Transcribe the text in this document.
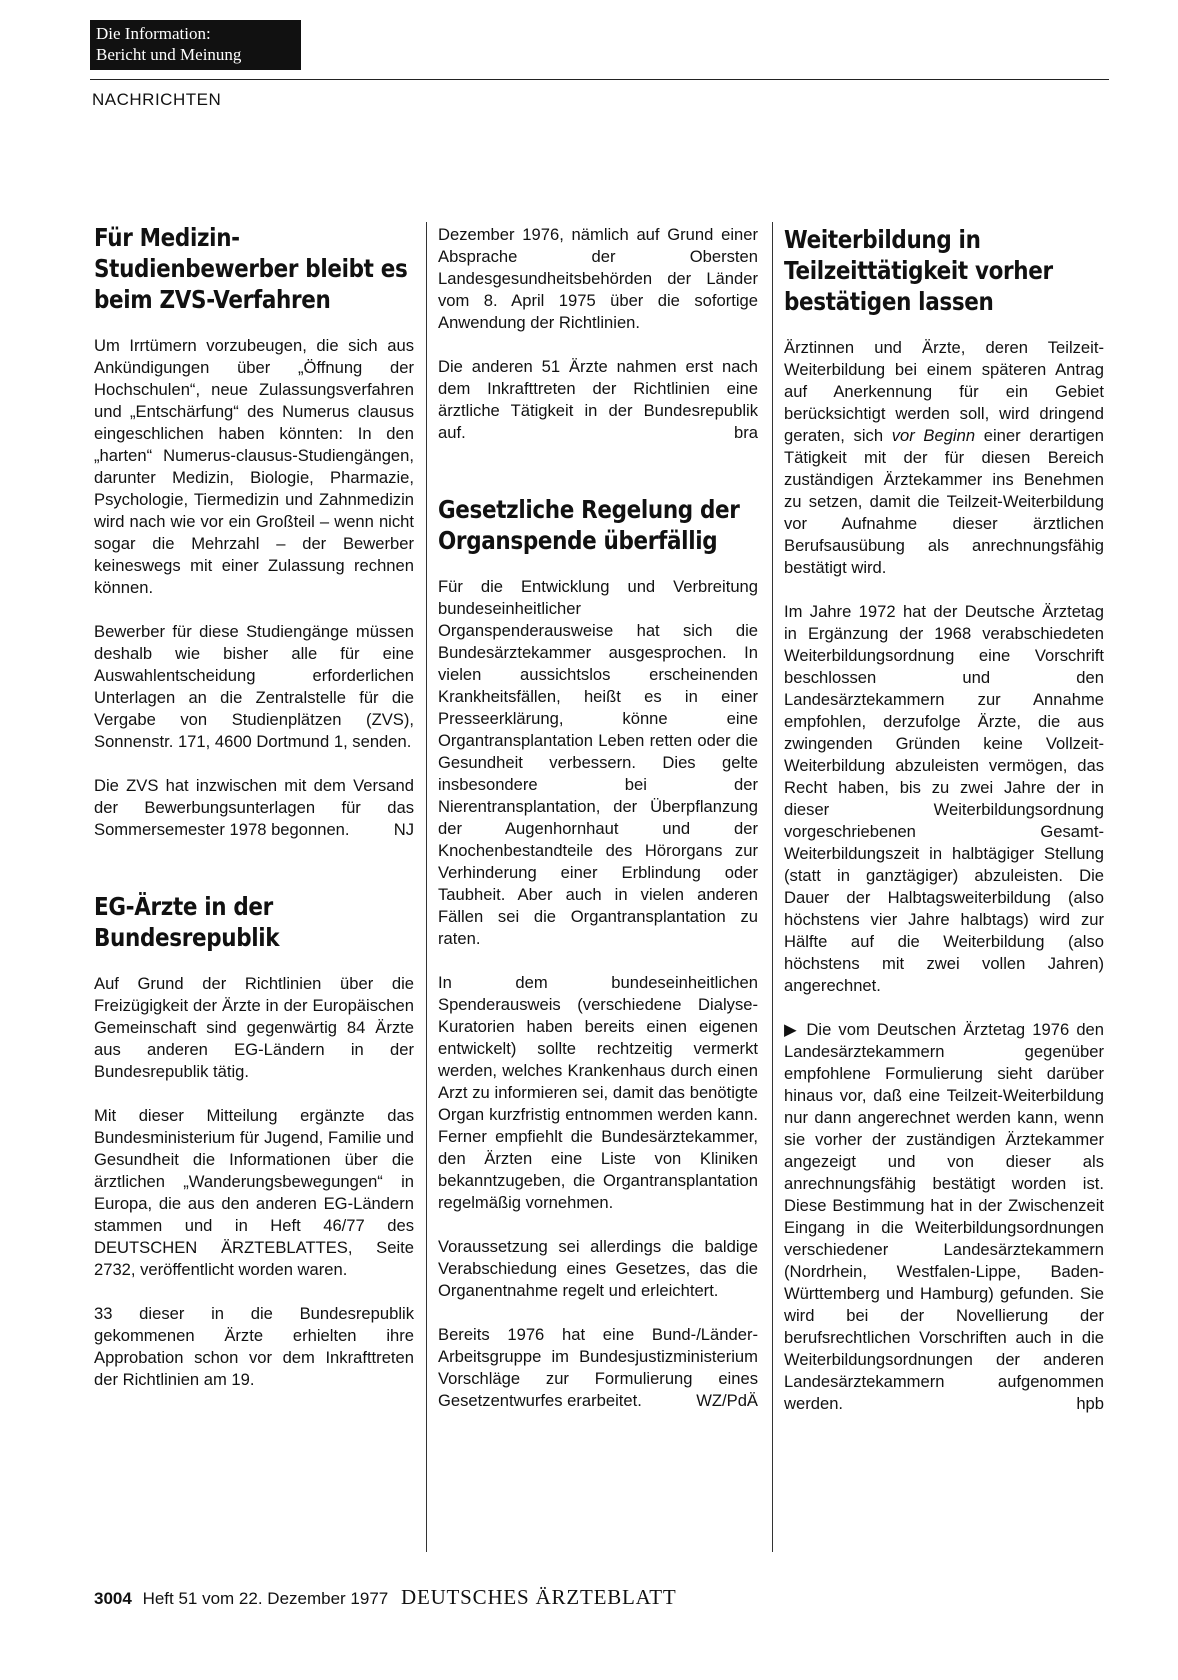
Die Information:
Bericht und Meinung
NACHRICHTEN
Für Medizin-Studienbewerber bleibt es beim ZVS-Verfahren

Um Irrtümern vorzubeugen, die sich aus Ankündigungen über „Öffnung der Hochschulen“, neue Zulassungsverfahren und „Entschärfung“ des Numerus clausus eingeschlichen haben könnten: In den „harten“ Numerus-clausus-Studiengängen, darunter Medizin, Biologie, Pharmazie, Psychologie, Tiermedizin und Zahnmedizin wird nach wie vor ein Großteil – wenn nicht sogar die Mehrzahl – der Bewerber keineswegs mit einer Zulassung rechnen können.

Bewerber für diese Studiengänge müssen deshalb wie bisher alle für eine Auswahlentscheidung erforderlichen Unterlagen an die Zentralstelle für die Vergabe von Studienplätzen (ZVS), Sonnenstr. 171, 4600 Dortmund 1, senden.

Die ZVS hat inzwischen mit dem Versand der Bewerbungsunterlagen für das Sommersemester 1978 begonnen.	NJ

EG-Ärzte in der Bundesrepublik

Auf Grund der Richtlinien über die Freizügigkeit der Ärzte in der Europäischen Gemeinschaft sind gegenwärtig 84 Ärzte aus anderen EG-Ländern in der Bundesrepublik tätig.

Mit dieser Mitteilung ergänzte das Bundesministerium für Jugend, Familie und Gesundheit die Informationen über die ärztlichen „Wanderungsbewegungen“ in Europa, die aus den anderen EG-Ländern stammen und in Heft 46/77 des DEUTSCHEN ÄRZTEBLATTES, Seite 2732, veröffentlicht worden waren.

33 dieser in die Bundesrepublik gekommenen Ärzte erhielten ihre Approbation schon vor dem Inkrafttreten der Richtlinien am 19.

Dezember 1976, nämlich auf Grund einer Absprache der Obersten Landesgesundheitsbehörden der Länder vom 8. April 1975 über die sofortige Anwendung der Richtlinien.

Die anderen 51 Ärzte nahmen erst nach dem Inkrafttreten der Richtlinien eine ärztliche Tätigkeit in der Bundesrepublik auf.	bra

Gesetzliche Regelung der Organspende überfällig

Für die Entwicklung und Verbreitung bundeseinheitlicher Organspenderausweise hat sich die Bundesärztekammer ausgesprochen. In vielen aussichtslos erscheinenden Krankheitsfällen, heißt es in einer Presseerklärung, könne eine Organtransplantation Leben retten oder die Gesundheit verbessern. Dies gelte insbesondere bei der Nierentransplantation, der Überpflanzung der Augenhornhaut und der Knochenbestandteile des Hörorgans zur Verhinderung einer Erblindung oder Taubheit. Aber auch in vielen anderen Fällen sei die Organtransplantation zu raten.

In dem bundeseinheitlichen Spenderausweis (verschiedene Dialyse-Kuratorien haben bereits einen eigenen entwickelt) sollte rechtzeitig vermerkt werden, welches Krankenhaus durch einen Arzt zu informieren sei, damit das benötigte Organ kurzfristig entnommen werden kann. Ferner empfiehlt die Bundesärztekammer, den Ärzten eine Liste von Kliniken bekanntzugeben, die Organtransplantation regelmäßig vornehmen.

Voraussetzung sei allerdings die baldige Verabschiedung eines Gesetzes, das die Organentnahme regelt und erleichtert.

Bereits 1976 hat eine Bund-/Länder-Arbeitsgruppe im Bundesjustizministerium Vorschläge zur Formulierung eines Gesetzentwurfes erarbeitet.	WZ/PdÄ

Weiterbildung in Teilzeittätigkeit vorher bestätigen lassen

Ärztinnen und Ärzte, deren Teilzeit-Weiterbildung bei einem späteren Antrag auf Anerkennung für ein Gebiet berücksichtigt werden soll, wird dringend geraten, sich vor Beginn einer derartigen Tätigkeit mit der für diesen Bereich zuständigen Ärztekammer ins Benehmen zu setzen, damit die Teilzeit-Weiterbildung vor Aufnahme dieser ärztlichen Berufsausübung als anrechnungsfähig bestätigt wird.

Im Jahre 1972 hat der Deutsche Ärztetag in Ergänzung der 1968 verabschiedeten Weiterbildungsordnung eine Vorschrift beschlossen und den Landesärztekammern zur Annahme empfohlen, derzufolge Ärzte, die aus zwingenden Gründen keine Vollzeit-Weiterbildung abzuleisten vermögen, das Recht haben, bis zu zwei Jahre der in dieser Weiterbildungsordnung vorgeschriebenen Gesamt-Weiterbildungszeit in halbtägiger Stellung (statt in ganztägiger) abzuleisten. Die Dauer der Halbtagsweiterbildung (also höchstens vier Jahre halbtags) wird zur Hälfte auf die Weiterbildung (also höchstens mit zwei vollen Jahren) angerechnet.

▶ Die vom Deutschen Ärztetag 1976 den Landesärztekammern gegenüber empfohlene Formulierung sieht darüber hinaus vor, daß eine Teilzeit-Weiterbildung nur dann angerechnet werden kann, wenn sie vorher der zuständigen Ärztekammer angezeigt und von dieser als anrechnungsfähig bestätigt worden ist. Diese Bestimmung hat in der Zwischenzeit Eingang in die Weiterbildungsordnungen verschiedener Landesärztekammern (Nordrhein, Westfalen-Lippe, Baden-Württemberg und Hamburg) gefunden. Sie wird bei der Novellierung der berufsrechtlichen Vorschriften auch in die Weiterbildungsordnungen der anderen Landesärztekammern aufgenommen werden.	hpb

3004 Heft 51 vom 22. Dezember 1977 DEUTSCHES ÄRZTEBLATT
